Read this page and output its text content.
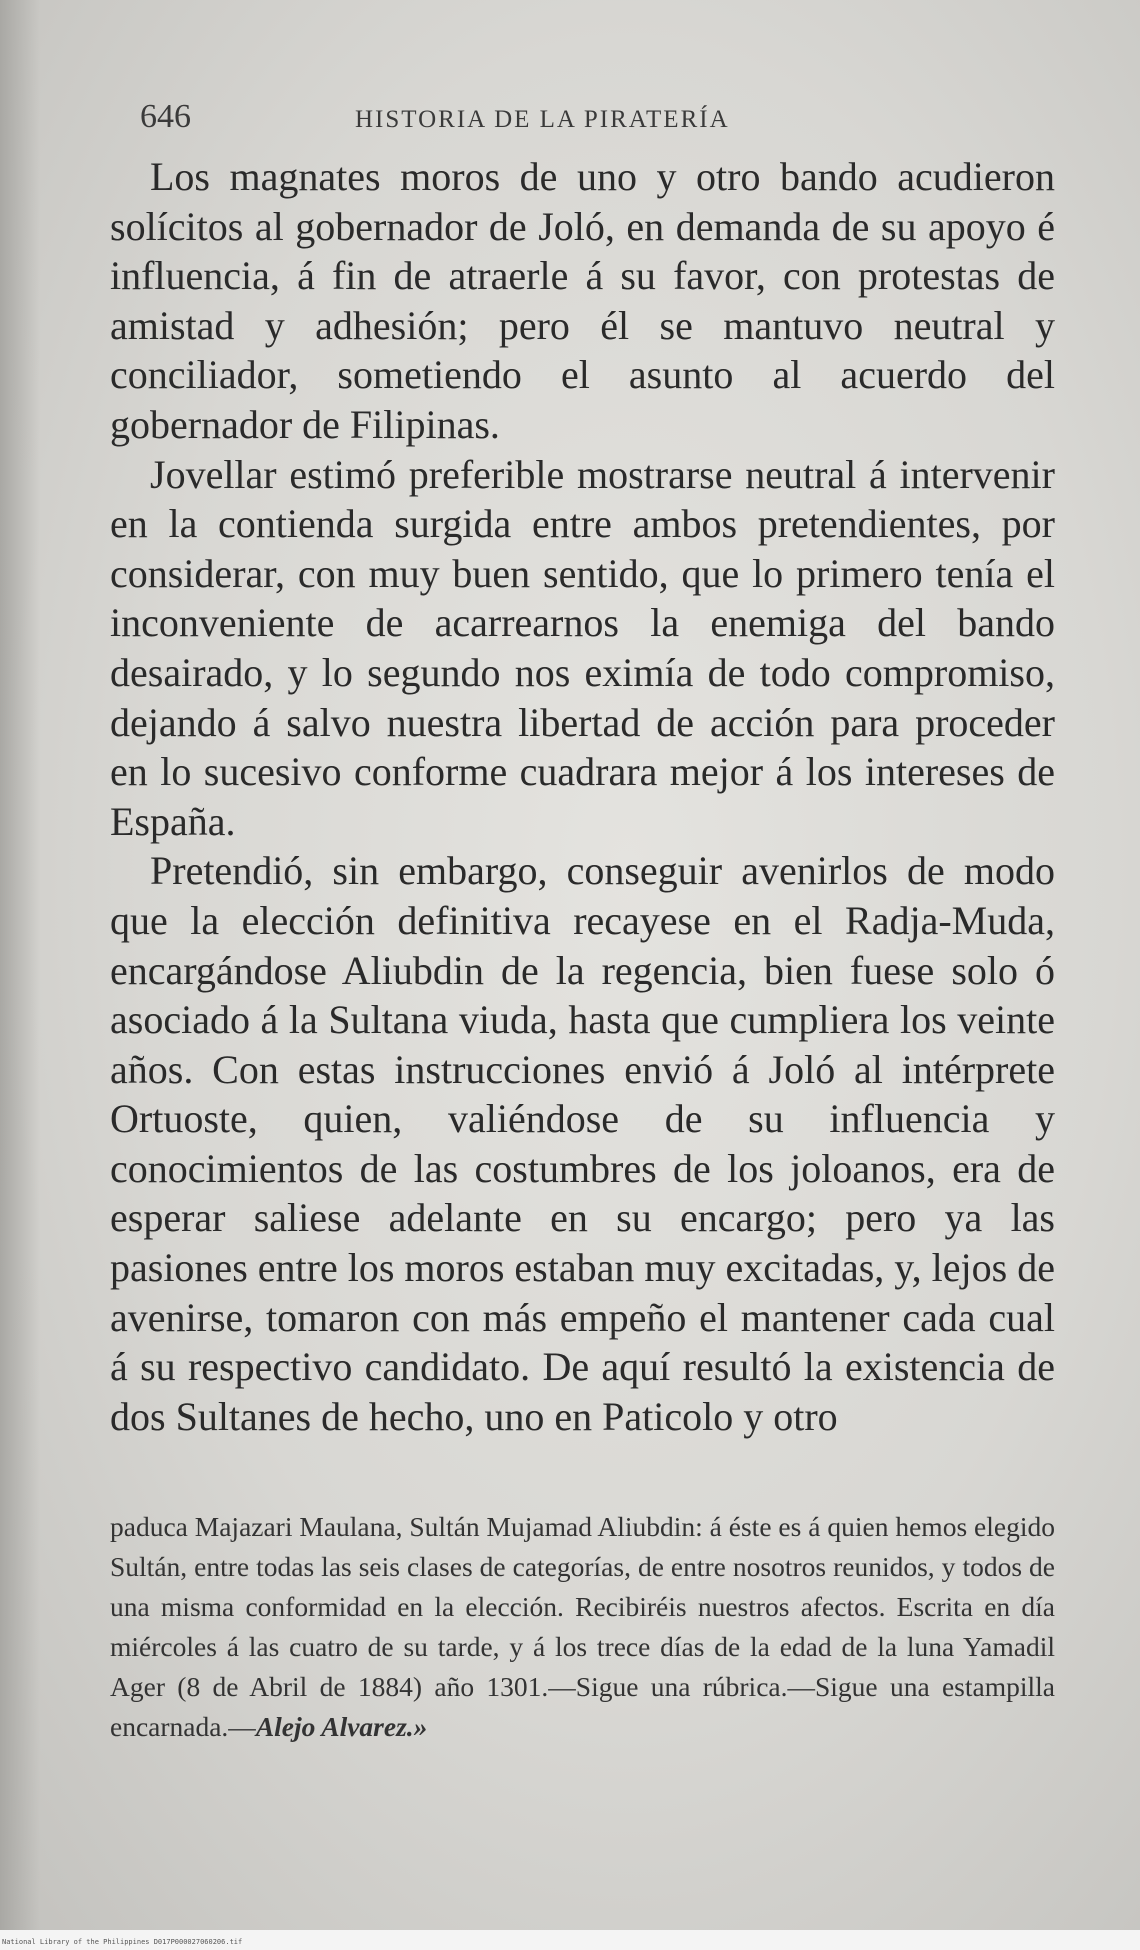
646	HISTORIA DE LA PIRATERÍA

Los magnates moros de uno y otro bando acudieron solícitos al gobernador de Joló, en demanda de su apoyo é influencia, á fin de atraerle á su favor, con protestas de amistad y adhesión; pero él se mantuvo neutral y conciliador, sometiendo el asunto al acuerdo del gobernador de Filipinas.

Jovellar estimó preferible mostrarse neutral á intervenir en la contienda surgida entre ambos pretendientes, por considerar, con muy buen sentido, que lo primero tenía el inconveniente de acarrearnos la enemiga del bando desairado, y lo segundo nos eximía de todo compromiso, dejando á salvo nuestra libertad de acción para proceder en lo sucesivo conforme cuadrara mejor á los intereses de España.

Pretendió, sin embargo, conseguir avenirlos de modo que la elección definitiva recayese en el Radja-Muda, encargándose Aliubdin de la regencia, bien fuese solo ó asociado á la Sultana viuda, hasta que cumpliera los veinte años. Con estas instrucciones envió á Joló al intérprete Ortuoste, quien, valiéndose de su influencia y conocimientos de las costumbres de los joloanos, era de esperar saliese adelante en su encargo; pero ya las pasiones entre los moros estaban muy excitadas, y, lejos de avenirse, tomaron con más empeño el mantener cada cual á su respectivo candidato. De aquí resultó la existencia de dos Sultanes de hecho, uno en Paticolo y otro

paduca Majazari Maulana, Sultán Mujamad Aliubdin: á éste es á quien hemos elegido Sultán, entre todas las seis clases de categorías, de entre nosotros reunidos, y todos de una misma conformidad en la elección. Recibiréis nuestros afectos. Escrita en día miércoles á las cuatro de su tarde, y á los trece días de la edad de la luna Yamadil Ager (8 de Abril de 1884) año 1301.—Sigue una rúbrica.—Sigue una estampilla encarnada.—Alejo Alvarez.»

National Library of the Philippines D017P000027060206.tif
